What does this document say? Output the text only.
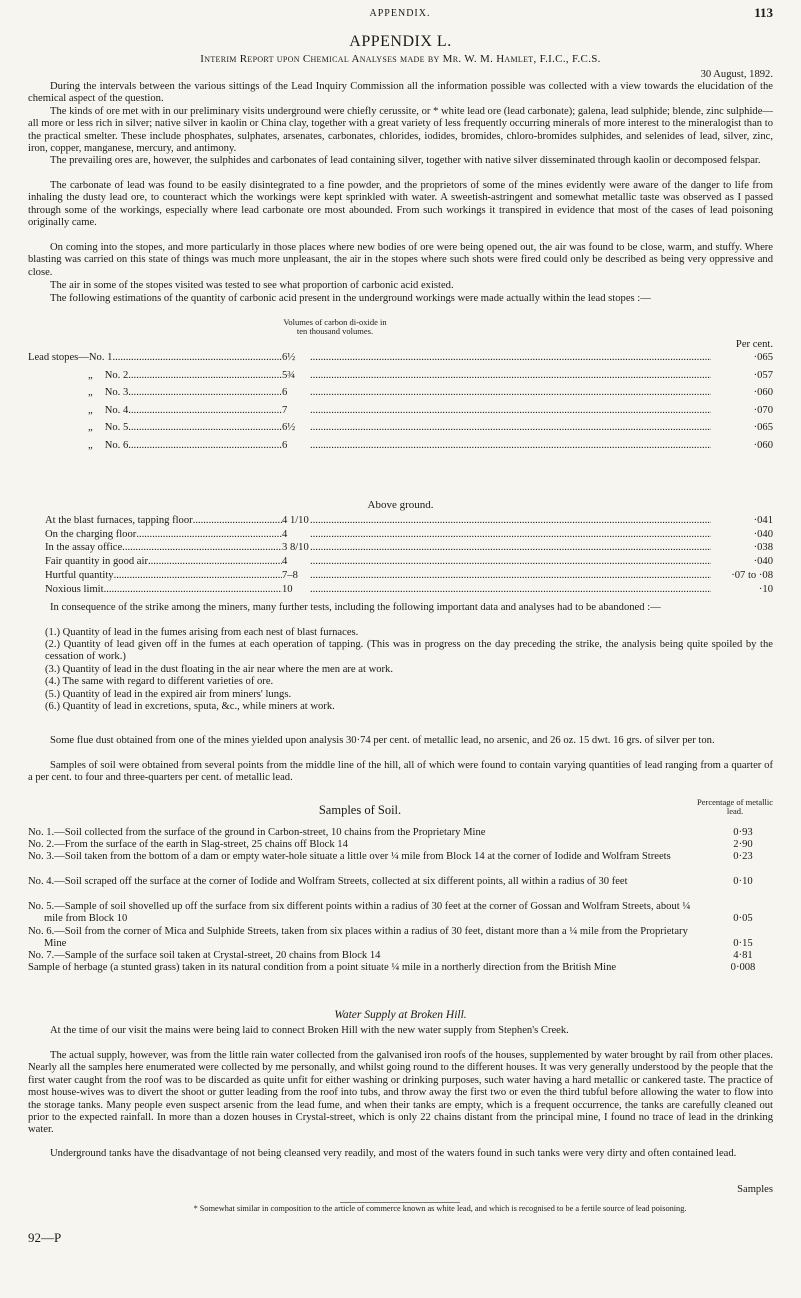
APPENDIX.	113
APPENDIX L.
Interim Report upon Chemical Analyses made by Mr. W. M. Hamlet, F.I.C., F.C.S.
30 August, 1892.
During the intervals between the various sittings of the Lead Inquiry Commission all the information possible was collected with a view towards the elucidation of the chemical aspect of the question.
The kinds of ore met with in our preliminary visits underground were chiefly cerussite, or * white lead ore (lead carbonate); galena, lead sulphide; blende, zinc sulphide—all more or less rich in silver; native silver in kaolin or China clay, together with a great variety of less frequently occurring minerals of more interest to the mineralogist than to the practical smelter. These include phosphates, sulphates, arsenates, carbonates, chlorides, iodides, bromides, chloro-bromides sulphides, and selenides of lead, silver, zinc, iron, copper, manganese, mercury, and antimony.
The prevailing ores are, however, the sulphides and carbonates of lead containing silver, together with native silver disseminated through kaolin or decomposed felspar.
The carbonate of lead was found to be easily disintegrated to a fine powder, and the proprietors of some of the mines evidently were aware of the danger to life from inhaling the dusty lead ore, to counteract which the workings were kept sprinkled with water. A sweetish-astringent and somewhat metallic taste was observed as I passed through some of the workings, especially where lead carbonate ore most abounded. From such workings it transpired in evidence that most of the cases of lead poisoning originally came.
On coming into the stopes, and more particularly in those places where new bodies of ore were being opened out, the air was found to be close, warm, and stuffy. Where blasting was carried on this state of things was much more unpleasant, the air in the stopes where such shots were fired could only be described as being very oppressive and close.
The air in some of the stopes visited was tested to see what proportion of carbonic acid existed.
The following estimations of the quantity of carbonic acid present in the underground workings were made actually within the lead stopes :—
Volumes of carbon di-oxide in ten thousand volumes.
Per cent.
Lead stopes—No. 1 .....	6½ .....	·065
„ No. 2 .....	5¾ .....	·057
„ No. 3 .....	6 .....	·060
„ No. 4 .....	7 .....	·070
„ No. 5 .....	6½ .....	·065
„ No. 6 .....	6 .....	·060
Above ground.
At the blast furnaces, tapping floor .....	4 1/10 .....	·041
On the charging floor .....	4 .....	·040
In the assay office .....	3 8/10 .....	·038
Fair quantity in good air .....	4 .....	·040
Hurtful quantity .....	7–8 .....	·07 to ·08
Noxious limit .....	10 .....	·10
In consequence of the strike among the miners, many further tests, including the following important data and analyses had to be abandoned :—
(1.) Quantity of lead in the fumes arising from each nest of blast furnaces.
(2.) Quantity of lead given off in the fumes at each operation of tapping. (This was in progress on the day preceding the strike, the analysis being quite spoiled by the cessation of work.)
(3.) Quantity of lead in the dust floating in the air near where the men are at work.
(4.) The same with regard to different varieties of ore.
(5.) Quantity of lead in the expired air from miners' lungs.
(6.) Quantity of lead in excretions, sputa, &c., while miners at work.
Some flue dust obtained from one of the mines yielded upon analysis 30·74 per cent. of metallic lead, no arsenic, and 26 oz. 15 dwt. 16 grs. of silver per ton.
Samples of soil were obtained from several points from the middle line of the hill, all of which were found to contain varying quantities of lead ranging from a quarter of a per cent. to four and three-quarters per cent. of metallic lead.
Samples of Soil.
Percentage of metallic lead.
No. 1.—Soil collected from the surface of the ground in Carbon-street, 10 chains from the Proprietary Mine	0·93
No. 2.—From the surface of the earth in Slag-street, 25 chains off Block 14	2·90
No. 3.—Soil taken from the bottom of a dam or empty water-hole situate a little over ¼ mile from Block 14 at the corner of Iodide and Wolfram Streets	0·23
No. 4.—Soil scraped off the surface at the corner of Iodide and Wolfram Streets, collected at six different points, all within a radius of 30 feet	0·10
No. 5.—Sample of soil shovelled up off the surface from six different points within a radius of 30 feet at the corner of Gossan and Wolfram Streets, about ¼ mile from Block 10	0·05
No. 6.—Soil from the corner of Mica and Sulphide Streets, taken from six places within a radius of 30 feet, distant more than a ¼ mile from the Proprietary Mine	0·15
No. 7.—Sample of the surface soil taken at Crystal-street, 20 chains from Block 14	4·81
Sample of herbage (a stunted grass) taken in its natural condition from a point situate ¼ mile in a northerly direction from the British Mine	0·008
Water Supply at Broken Hill.
At the time of our visit the mains were being laid to connect Broken Hill with the new water supply from Stephen's Creek.
The actual supply, however, was from the little rain water collected from the galvanised iron roofs of the houses, supplemented by water brought by rail from other places. Nearly all the samples here enumerated were collected by me personally, and whilst going round to the different houses. It was very generally understood by the people that the first water caught from the roof was to be discarded as quite unfit for either washing or drinking purposes, such water having a hard metallic or cankered taste. The practice of most house-wives was to divert the shoot or gutter leading from the roof into tubs, and throw away the first two or even the third tubful before allowing the water to flow into the storage tanks. Many people even suspect arsenic from the lead fume, and when their tanks are empty, which is a frequent occurrence, the tanks are carefully cleaned out prior to the expected rainfall. In more than a dozen houses in Crystal-street, which is only 22 chains distant from the principal mine, I found no trace of lead in the drinking water.
Underground tanks have the disadvantage of not being cleansed very readily, and most of the waters found in such tanks were very dirty and often contained lead.
Samples
* Somewhat similar in composition to the article of commerce known as white lead, and which is recognised to be a fertile source of lead poisoning.
92—P
